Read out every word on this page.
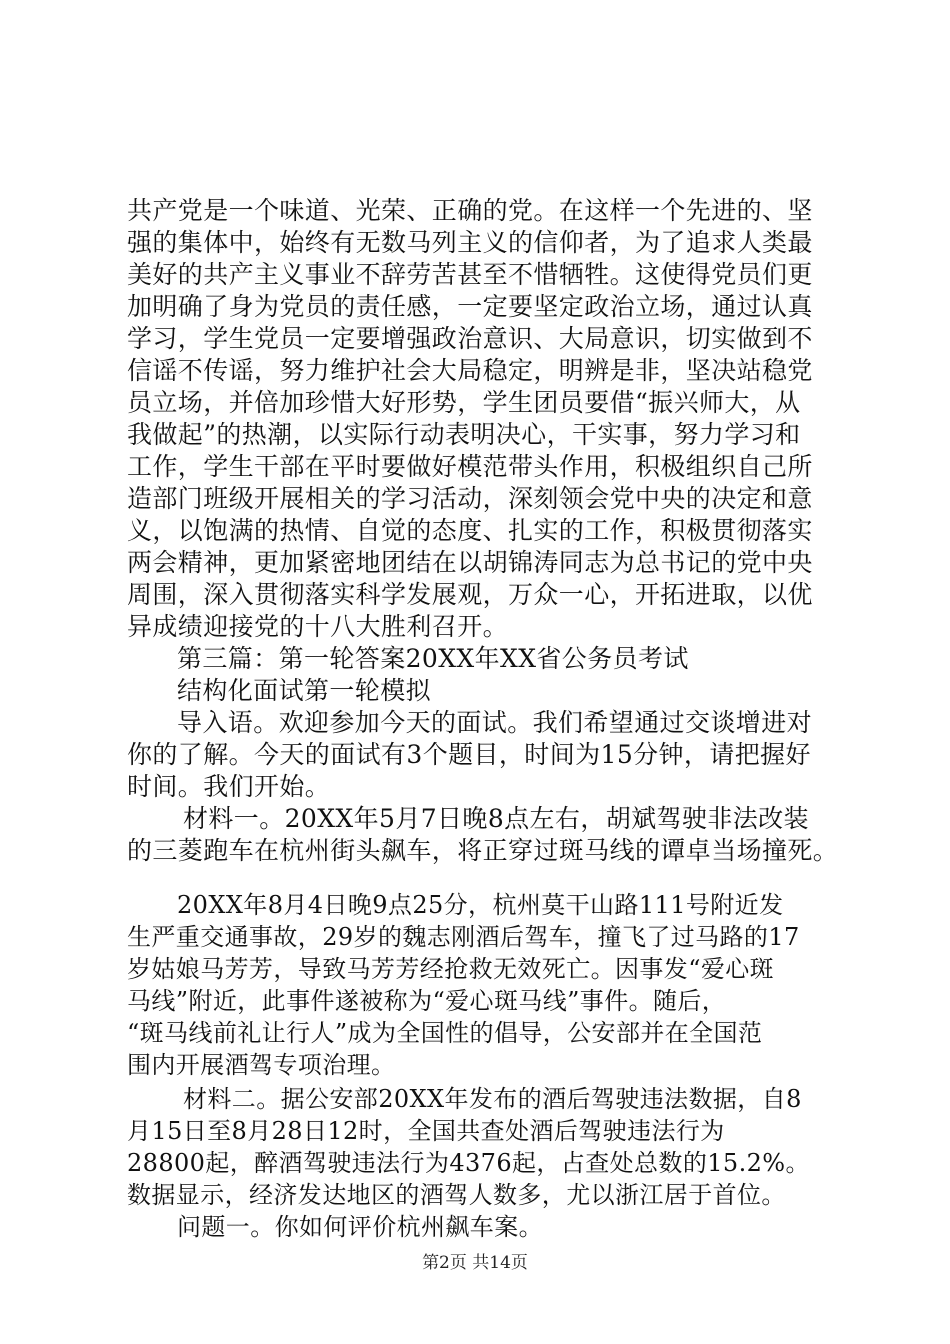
共产党是一个味道、光荣、正确的党。在这样一个先进的、坚
强的集体中，始终有无数马列主义的信仰者，为了追求人类最
美好的共产主义事业不辞劳苦甚至不惜牺牲。这使得党员们更
加明确了身为党员的责任感，一定要坚定政治立场，通过认真
学习，学生党员一定要增强政治意识、大局意识，切实做到不
信谣不传谣，努力维护社会大局稳定，明辨是非，坚决站稳党
员立场，并倍加珍惜大好形势，学生团员要借“振兴师大，从
我做起”的热潮，以实际行动表明决心，干实事，努力学习和
工作，学生干部在平时要做好模范带头作用，积极组织自己所
造部门班级开展相关的学习活动，深刻领会党中央的决定和意
义，以饱满的热情、自觉的态度、扎实的工作，积极贯彻落实
两会精神，更加紧密地团结在以胡锦涛同志为总书记的党中央
周围，深入贯彻落实科学发展观，万众一心，开拓进取，以优
异成绩迎接党的十八大胜利召开。
第三篇：第一轮答案20XX年XX省公务员考试
结构化面试第一轮模拟
导入语。欢迎参加今天的面试。我们希望通过交谈增进对
你的了解。今天的面试有3个题目，时间为15分钟，请把握好
时间。我们开始。
材料一。20XX年5月7日晚8点左右，胡斌驾驶非法改装
的三菱跑车在杭州街头飙车，将正穿过斑马线的谭卓当场撞死。
20XX年8月4日晚9点25分，杭州莫干山路111号附近发
生严重交通事故，29岁的魏志刚酒后驾车，撞飞了过马路的17
岁姑娘马芳芳，导致马芳芳经抢救无效死亡。因事发“爱心斑
马线”附近，此事件遂被称为“爱心斑马线”事件。随后，
“斑马线前礼让行人”成为全国性的倡导，公安部并在全国范
围内开展酒驾专项治理。
材料二。据公安部20XX年发布的酒后驾驶违法数据，自8
月15日至8月28日12时，全国共查处酒后驾驶违法行为
28800起，醉酒驾驶违法行为4376起，占查处总数的15.2%。
数据显示，经济发达地区的酒驾人数多，尤以浙江居于首位。
问题一。你如何评价杭州飙车案。
第2页 共14页
